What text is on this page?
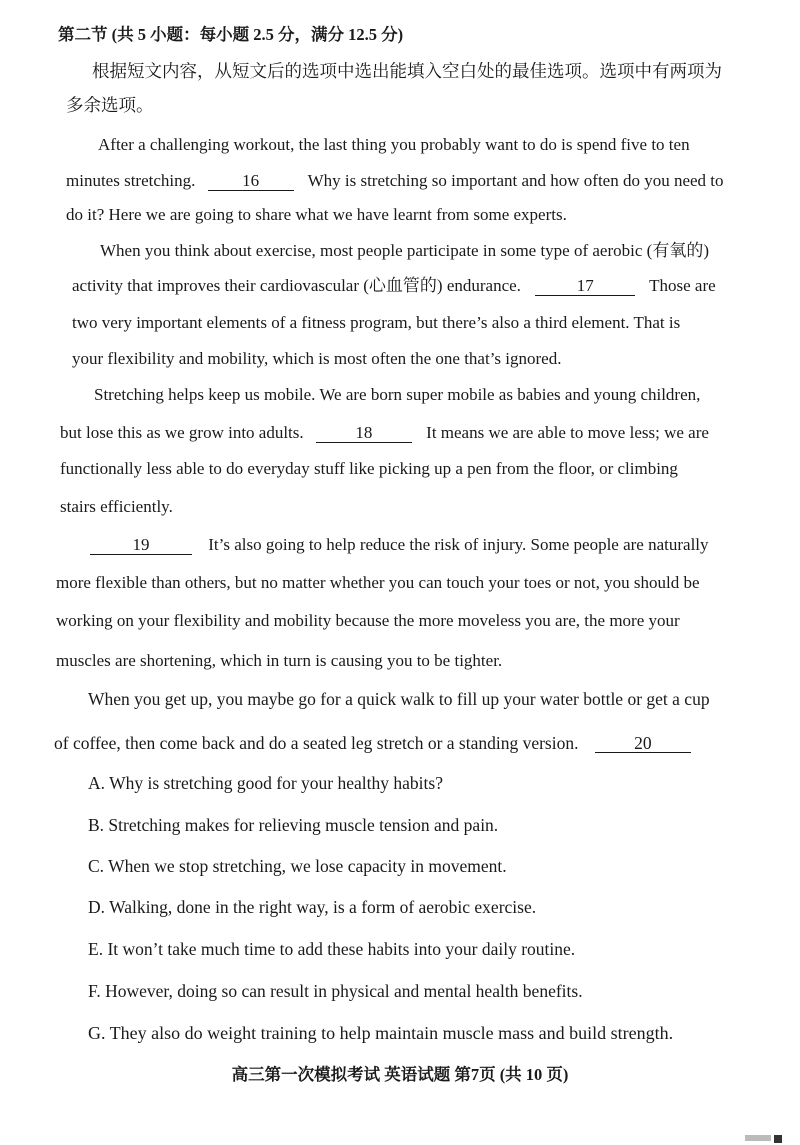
第二节 (共 5 小题：每小题 2.5 分，满分 12.5 分)
根据短文内容，从短文后的选项中选出能填入空白处的最佳选项。选项中有两项为
多余选项。
After a challenging workout, the last thing you probably want to do is spend five to ten
minutes stretching.	16	Why is stretching so important and how often do you need to
do it? Here we are going to share what we have learnt from some experts.
When you think about exercise, most people participate in some type of aerobic (有氧的)
activity that improves their cardiovascular (心血管的) endurance.	17	Those are
two very important elements of a fitness program, but there’s also a third element. That is
your flexibility and mobility, which is most often the one that’s ignored.
Stretching helps keep us mobile. We are born super mobile as babies and young children,
but lose this as we grow into adults.	18	It means we are able to move less; we are
functionally less able to do everyday stuff like picking up a pen from the floor, or climbing
stairs efficiently.
19	It’s also going to help reduce the risk of injury. Some people are naturally
more flexible than others, but no matter whether you can touch your toes or not, you should be
working on your flexibility and mobility because the more moveless you are, the more your
muscles are shortening, which in turn is causing you to be tighter.
When you get up, you maybe go for a quick walk to fill up your water bottle or get a cup
of coffee, then come back and do a seated leg stretch or a standing version.	20
A. Why is stretching good for your healthy habits?
B. Stretching makes for relieving muscle tension and pain.
C. When we stop stretching, we lose capacity in movement.
D. Walking, done in the right way, is a form of aerobic exercise.
E. It won’t take much time to add these habits into your daily routine.
F. However, doing so can result in physical and mental health benefits.
G. They also do weight training to help maintain muscle mass and build strength.
高三第一次模拟考试 英语试题 第7页 (共 10 页)
